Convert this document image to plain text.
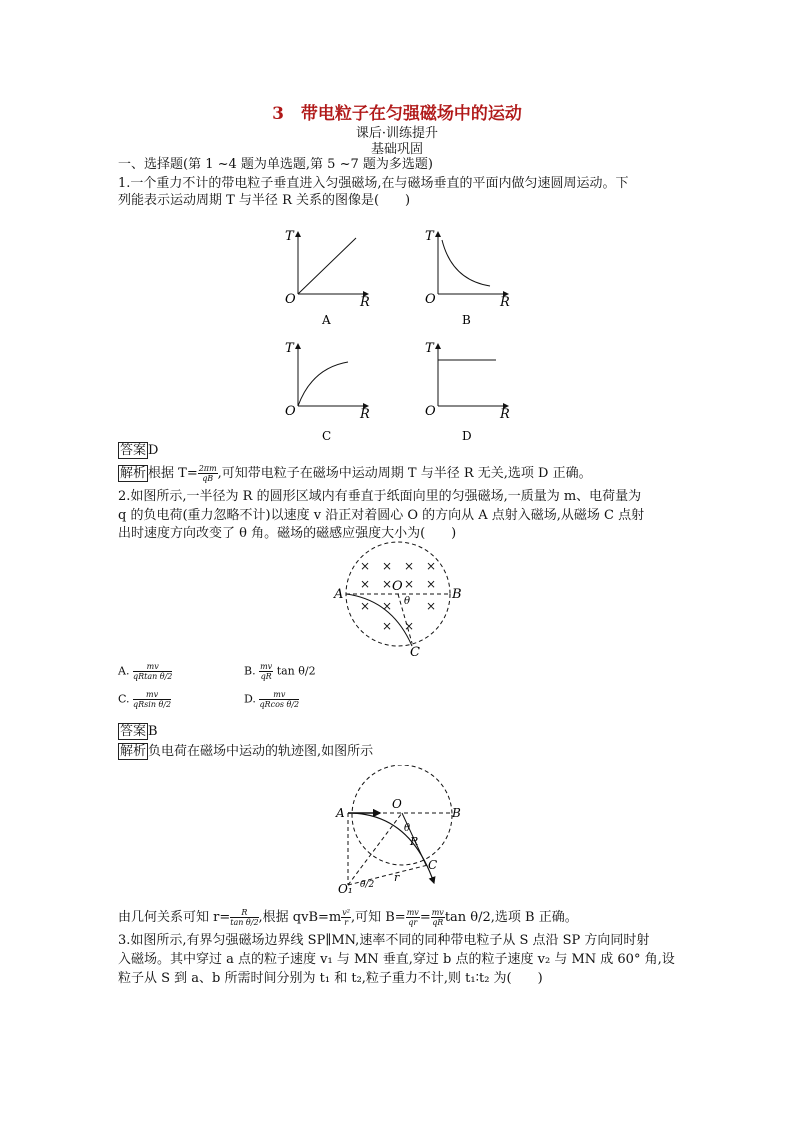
3　带电粒子在匀强磁场中的运动
课后·训练提升
基础巩固
一、选择题(第 1 ~4 题为单选题,第 5 ~7 题为多选题)
1.一个重力不计的带电粒子垂直进入匀强磁场,在与磁场垂直的平面内做匀速圆周运动。下
列能表示运动周期 T 与半径 R 关系的图像是(　　)
T
O	R
A
T
O	R
B
T
O	R
C
T
O	R
D
答案 D
解析 根据 $T= \frac{2\pi m}{qB}$ ,可知带电粒子在磁场中运动周期 T 与半径 R 无关,选项 D 正确。
2.如图所示,一半径为 R 的圆形区域内有垂直于纸面向里的匀强磁场,一质量为 m、电荷量为
q 的负电荷(重力忽略不计)以速度 v 沿正对着圆心 O 的方向从 A 点射入磁场,从磁场 C 点射
出时速度方向改变了 θ 角。磁场的磁感应强度大小为(　　)
× × × ×
× × × ×
× ×	×
× ×
A	B
O
θ
C
A. $\frac{mv}{\text{qRtan θ/2}}$	B. $\frac{mv}{qR}$ tan θ/2
C. $\frac{mv}{\text{qRsin θ/2}}$	D. $\frac{mv}{\text{qRcos θ/2}}$
答案 B
解析 负电荷在磁场中运动的轨迹图,如图所示
A	B
O
θ
R
C
r
O₁ θ/2
由几何关系可知 $r= \frac{R}{\text{tan θ/2}}$ ,根据 $qvB=m \frac{\text{v²}}{r}$ ,可知 $B= \frac{mv}{qr} = \frac{mv}{qR}$ tan θ/2,选项 B 正确。
3.如图所示,有界匀强磁场边界线 SP∥MN,速率不同的同种带电粒子从 S 点沿 SP 方向同时射
入磁场。其中穿过 a 点的粒子速度 v₁ 与 MN 垂直,穿过 b 点的粒子速度 v₂ 与 MN 成 60° 角,设
粒子从 S 到 a、b 所需时间分别为 t₁ 和 t₂,粒子重力不计,则 t₁∶t₂ 为(　　)
